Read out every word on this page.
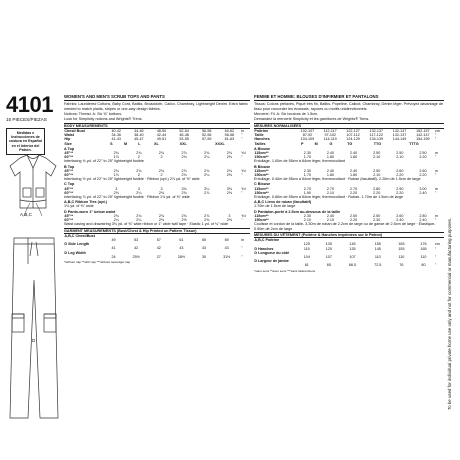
4101
15 PIECES/PIEZAS
Medidas e Instrucciones de costura en Español en el Interior del Patrón.
A,B,C
D
WOMEN'S AND MEN'S SCRUB TOPS AND PANTS
Fabrics: Laundered Cottons, Baby Cord, Batiks, Broadcloth, Calico, Chambray, Lightweight Denim. Extra fabric needed to match plaids, stripes or one-way design fabrics.
Notions: Thread. A: Six ⅝" buttons.
Look for Simplicity notions and Wrights® Trims.
BODY MEASUREMENTS
Chest/ Bust	40-42	44-46	48-50	52-54	56-58	60-62	In
Waist	34-36	38-40	42-44	46-48	52-56	56-58	"
Hip	41-43	45-47	49-51	53-55	57-59	61-63	"
Size	S	M	L	XL	XXL	XXXL	
A Top
45"**	2¾	2¾	2¾	2⅞	2¾	2¾	Yd
60"**	1⅞	2	2	2⅛	2¼	2⅜	"
Interfacing ⅜ yd. of 22" to 25" lightweight fusible
B Top
45"**	2¾	2¾	2¾	2⅞	2¾	2¾	Yd
60"**	1⅞	2	2	2⅛	2¼	2⅜	"
Interfacing ½ yd. of 22" to 25" lightweight fusible · Ribbon (opt.) 2⅞ yd. of ⅝" wide
C Top
45"**	3	3	3	3⅛	3¼	3⅜	Yd
60"**	2⅛	2¼	2⅜	2¾	2⅞	2⅝	"
Interfacing ⅞ yd. of 22" to 25" lightweight fusible · Ribbon 1¾ yd. of ⅝" wide
A,B,C Ribbon Ties (opt.)
1⅛ yd. of ⅝" wide
D Pants-worn 1" below waist
45"**	2¾	2¾	2¾	2¾	2⅞	3	Yd
60"**	2¼	2¼	2⅜	2½	2⅝	2⅝	"
Waist casing and drawstring 3⅛ yd. of ⅝" wide ribbon or 1" wide twill tape · Elastic 1 yd. of ¾" wide
GARMENT MEASUREMENTS (Bust/Chest & Hip Printed on Pattern Tissue)
A,B,C Chest/Bust							
	49	53	57	61	65	69	In
D Side Length							
	41	42	42	43	43	43	"
D Leg Width							
	24	25½	27	28½	30	31½	"
*without nap **with nap ***without selvedge/ nap
FEMME ET HOMME: BLOUSES D'INFIRMIER ET PANTALONS
Tissus: Cotons prélavés, Piqué très fin, Batiks, Popeline, Calicot, Chambray, Denim léger. Prévoyez davantage de tissu pour raccorder les écossais, rayures ou motifs unidirectionnels.
Mercerie: Fil. A: Six boutons de 1.5cm.
Demandez la mercerie Simplicity et les garnitures de Wrights® Trims.
MESURES NORMALISÉES
Poitrine	102-107	112-117	122-127	132-137	142-147	152-157	cm
Taille	87-92	97-102	107-112	117-122	132-137	142-147	"
Hanches	104-109	114-119	124-129	134-139	144-149	154-159	"
Tailles	P	M	G	TG	TTG	TTTG	
A Blouse
115cm**	2.30	2.40	2.40	2.50	2.50	2.50	m
150cm**	1.70	1.80	1.80	2.10	2.10	2.20	"
Entoilage- 1.00m de 55cm à 64cm léger, thermocollant
B Blouse
115cm**	2.30	2.40	2.40	2.50	2.60	2.60	m
150cm**	1.70	1.80	1.80	2.10	2.20	2.20	"
Entoilage- 0.40m de 55cm à 64cm léger, thermocollant · Ruban (facultatif)- 2.20m de 1.5cm de large
C Blouse
115cm**	2.70	2.70	2.70	2.80	2.90	3.00	m
150cm**	1.90	2.10	2.20	2.20	2.20	2.40	"
Entoilage- 0.80m de 55cm à 64cm léger, thermocollant · Ruban- 1.70m de 1.5cm de large
A,B,C Liens de ruban (facultatif)
1.70m de 1.5cm de large
D Pantalon-porté à 2.5cm au-dessous de la taille
115cm**	2.30	2.40	2.50	2.50	2.60	2.80	m
150cm**	2.10	2.10	2.20	2.30	2.40	2.40	"
Coulisse et cordon de la taille- 3.30m de ruban de 2.2cm de large ou de ganse de 2.5cm de large · Élastique- 0.90m de 2cm de large
MESURES DU VÊTEMENT (Poitrine & Hanches imprimées sur le Patron)
A,B,C Poitrine							
	125	135	145	155	165	176	cm
D Hanches	115	125	135	145	155	165	"
D Longueur du côté							
	104	107	107	110	110	110	"
D Largeur de jambe							
	61	65	68.5	72.5	76	80	"
*sans sens **avec sens ***sans lisières/sens	To be used for individual private home use only and not for commercial or manufacturing purposes.
